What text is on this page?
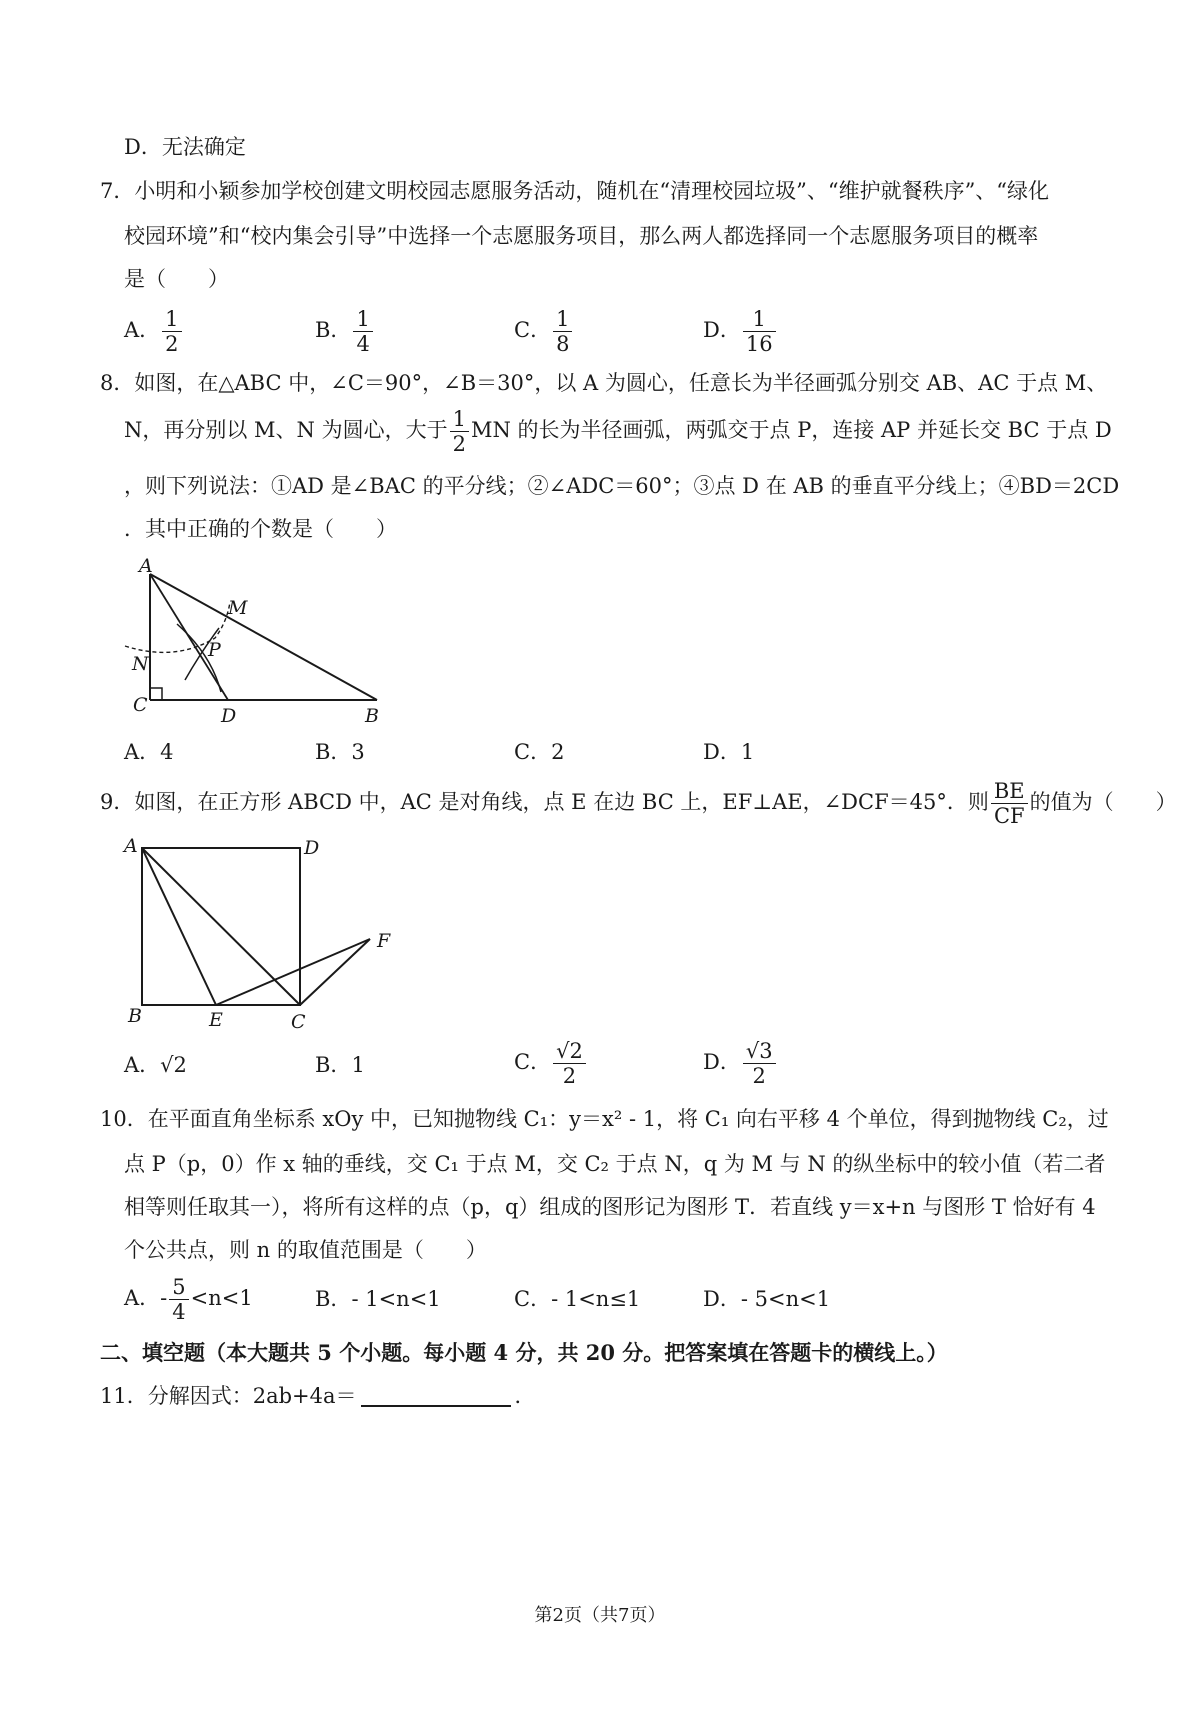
D．无法确定
7．小明和小颖参加学校创建文明校园志愿服务活动，随机在“清理校园垃圾”、“维护就餐秩序”、“绿化
校园环境”和“校内集会引导”中选择一个志愿服务项目，那么两人都选择同一个志愿服务项目的概率
是（　　）
A． $\frac{1}{2}$	B． $\frac{1}{4}$	C． $\frac{1}{8}$	D． $\frac{1}{16}$
8．如图，在△ABC 中，∠C＝90°，∠B＝30°，以 A 为圆心，任意长为半径画弧分别交 AB、AC 于点 M、
N，再分别以 M、N 为圆心，大于 $\frac{1}{2}$ MN 的长为半径画弧，两弧交于点 P，连接 AP 并延长交 BC 于点 D
，则下列说法：①AD 是∠BAC 的平分线；②∠ADC＝60°；③点 D 在 AB 的垂直平分线上；④BD＝2CD
．其中正确的个数是（　　）
A
M
N
P
C	D	B
A．4	B．3	C．2	D．1
9．如图，在正方形 ABCD 中，AC 是对角线，点 E 在边 BC 上，EF⊥AE，∠DCF＝45°．则 $\frac{BE}{CF}$ 的值为（　　）
A	D
F
B	E	C
A．√2	B．1	C． $\frac{√2}{2}$	D． $\frac{√3}{2}$
10．在平面直角坐标系 xOy 中，已知抛物线 C₁：y＝x² - 1，将 C₁ 向右平移 4 个单位，得到抛物线 C₂，过
点 P（p，0）作 x 轴的垂线，交 C₁ 于点 M，交 C₂ 于点 N，q 为 M 与 N 的纵坐标中的较小值（若二者
相等则任取其一），将所有这样的点（p，q）组成的图形记为图形 T．若直线 y＝x+n 与图形 T 恰好有 4
个公共点，则 n 的取值范围是（　　）
A．- $\frac{5}{4} <n<1$	B．- 1<n<1	C．- 1<n≤1	D．- 5<n<1
二、填空题（本大题共 5 个小题。每小题 4 分，共 20 分。把答案填在答题卡的横线上。）
11．分解因式：2ab+4a＝	．
第2页（共7页）
